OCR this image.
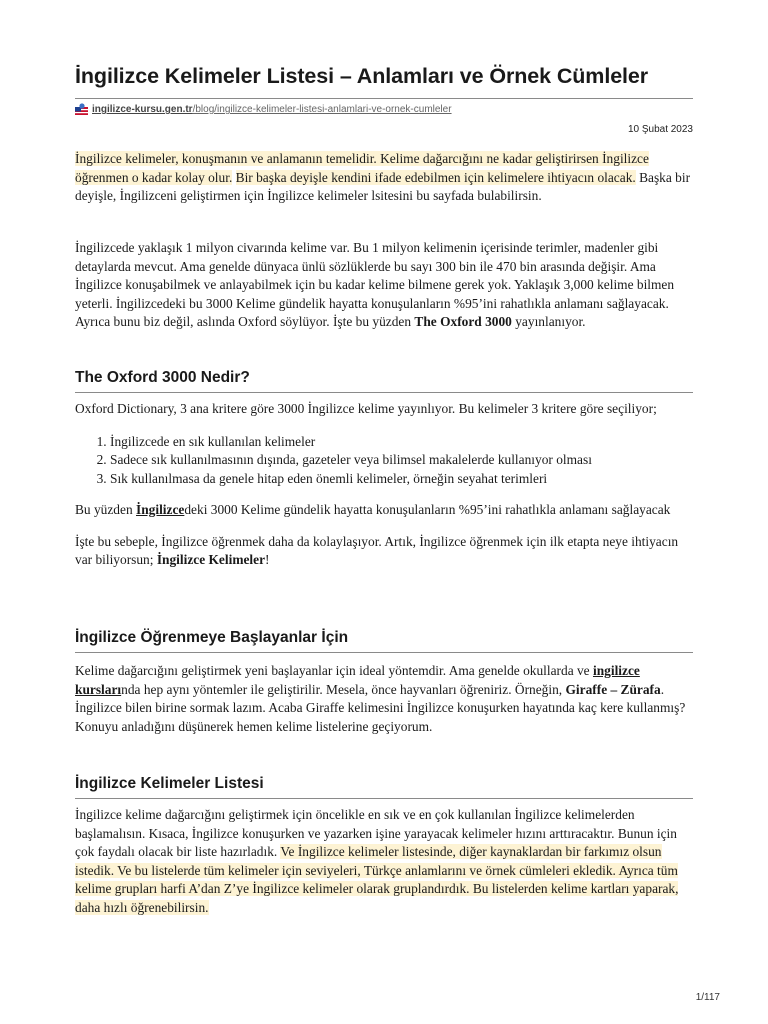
İngilizce Kelimeler Listesi – Anlamları ve Örnek Cümleler
ingilizce-kursu.gen.tr /blog/ingilizce-kelimeler-listesi-anlamlari-ve-ornek-cumleler
10 Şubat 2023

İngilizce kelimeler, konuşmanın ve anlamanın temelidir. Kelime dağarcığını ne kadar geliştirirsen İngilizce öğrenmen o kadar kolay olur. Bir başka deyişle kendini ifade edebilmen için kelimelere ihtiyacın olacak. Başka bir deyişle, İngilizceni geliştirmen için İngilizce kelimeler lsitesini bu sayfada bulabilirsin.

İngilizcede yaklaşık 1 milyon civarında kelime var. Bu 1 milyon kelimenin içerisinde terimler, madenler gibi detaylarda mevcut. Ama genelde dünyaca ünlü sözlüklerde bu sayı 300 bin ile 470 bin arasında değişir. Ama İngilizce konuşabilmek ve anlayabilmek için bu kadar kelime bilmene gerek yok. Yaklaşık 3,000 kelime bilmen yeterli. İngilizcedeki bu 3000 Kelime gündelik hayatta konuşulanların %95’ini rahatlıkla anlamanı sağlayacak. Ayrıca bunu biz değil, aslında Oxford söylüyor. İşte bu yüzden The Oxford 3000 yayınlanıyor.

The Oxford 3000 Nedir?

Oxford Dictionary, 3 ana kritere göre 3000 İngilizce kelime yayınlıyor. Bu kelimeler 3 kritere göre seçiliyor;

1. İngilizcede en sık kullanılan kelimeler
2. Sadece sık kullanılmasının dışında, gazeteler veya bilimsel makalelerde kullanıyor olması
3. Sık kullanılmasa da genele hitap eden önemli kelimeler, örneğin seyahat terimleri

Bu yüzden İngilizcedeki 3000 Kelime gündelik hayatta konuşulanların %95’ini rahatlıkla anlamanı sağlayacak

İşte bu sebeple, İngilizce öğrenmek daha da kolaylaşıyor. Artık, İngilizce öğrenmek için ilk etapta neye ihtiyacın var biliyorsun; İngilizce Kelimeler!

İngilizce Öğrenmeye Başlayanlar İçin

Kelime dağarcığını geliştirmek yeni başlayanlar için ideal yöntemdir. Ama genelde okullarda ve ingilizce kurslarında hep aynı yöntemler ile geliştirilir. Mesela, önce hayvanları öğreniriz. Örneğin, Giraffe – Zürafa. İngilizce bilen birine sormak lazım. Acaba Giraffe kelimesini İngilizce konuşurken hayatında kaç kere kullanmış? Konuyu anladığını düşünerek hemen kelime listelerine geçiyorum.

İngilizce Kelimeler Listesi

İngilizce kelime dağarcığını geliştirmek için öncelikle en sık ve en çok kullanılan İngilizce kelimelerden başlamalısın. Kısaca, İngilizce konuşurken ve yazarken işine yarayacak kelimeler hızını arttıracaktır. Bunun için çok faydalı olacak bir liste hazırladık. Ve İngilizce kelimeler listesinde, diğer kaynaklardan bir farkımız olsun istedik. Ve bu listelerde tüm kelimeler için seviyeleri, Türkçe anlamlarını ve örnek cümleleri ekledik. Ayrıca tüm kelime grupları harfi A’dan Z’ye İngilizce kelimeler olarak gruplandırdık. Bu listelerden kelime kartları yaparak, daha hızlı öğrenebilirsin.

1/117
